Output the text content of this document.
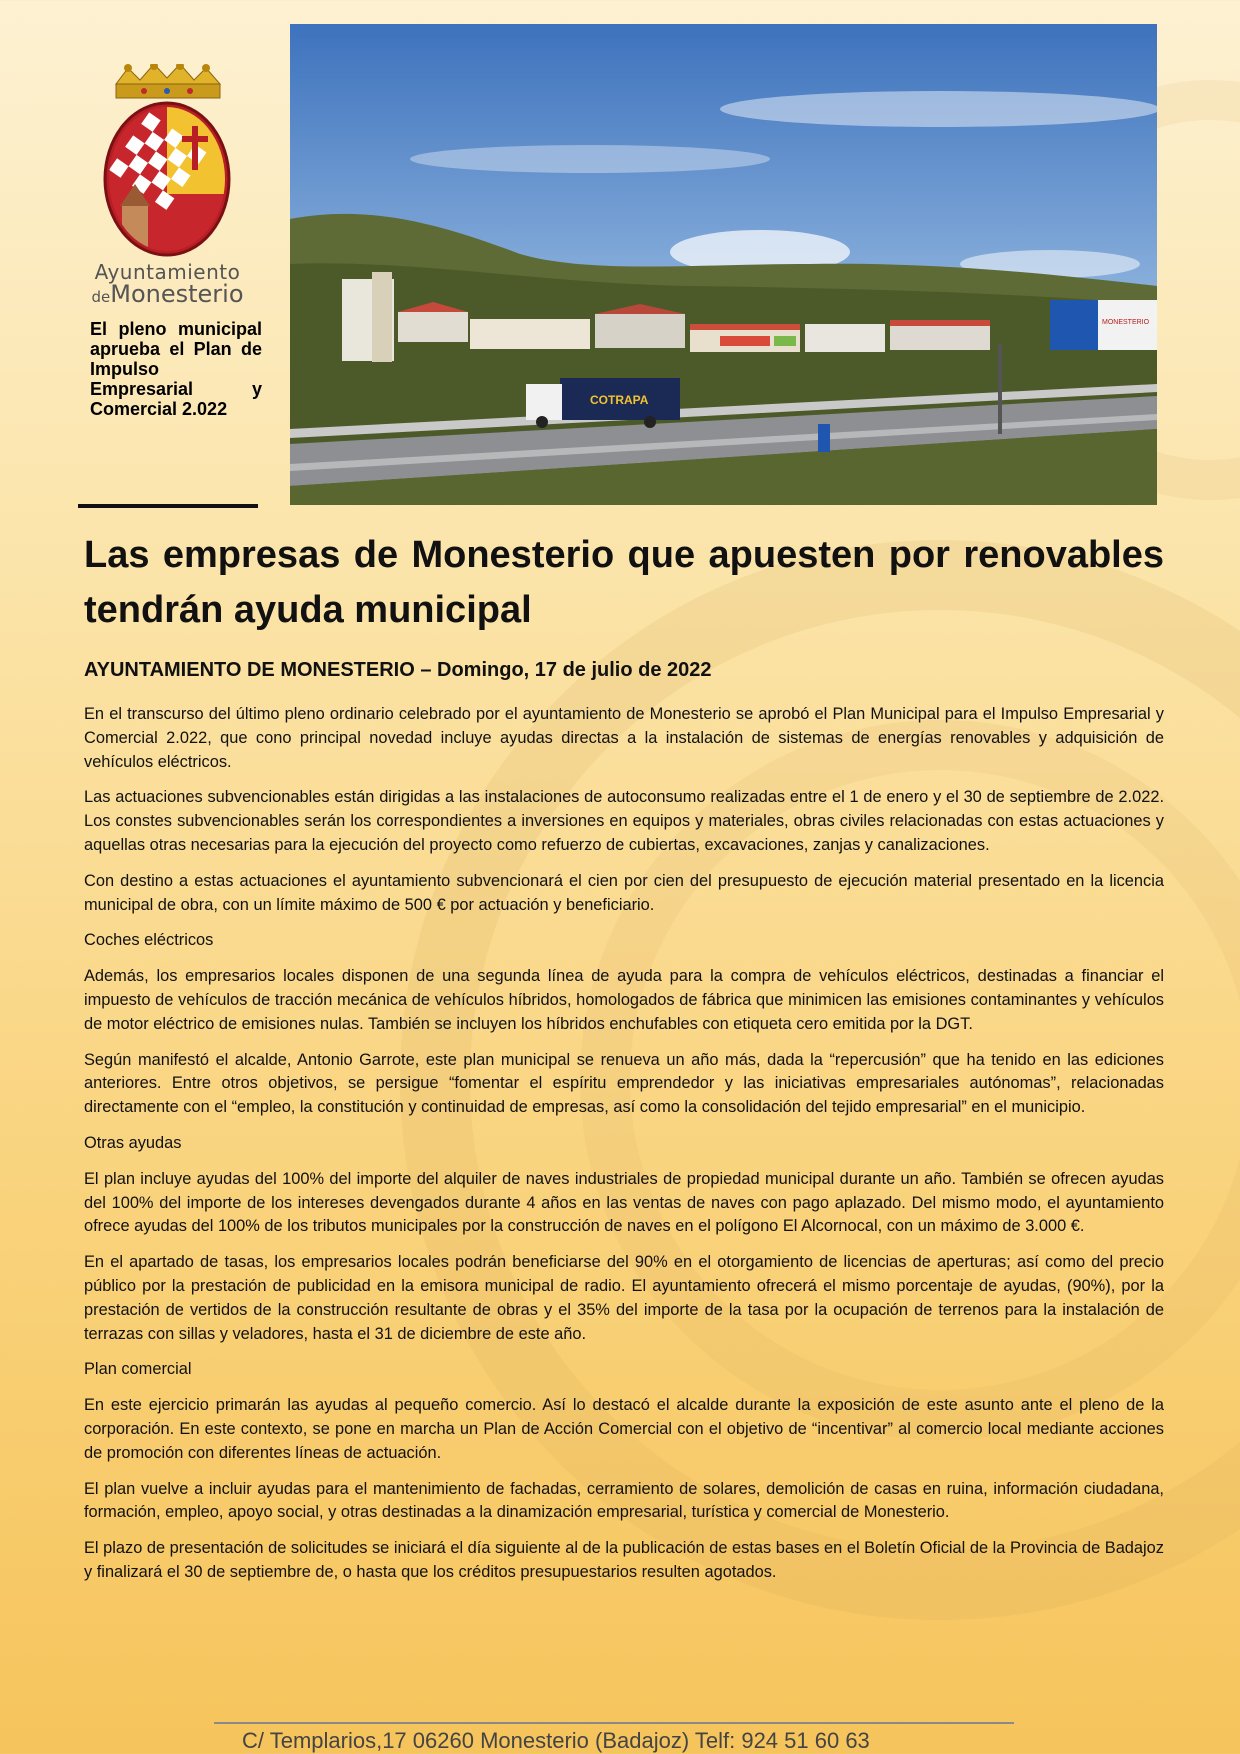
Ayuntamiento
deMonesterio
El pleno municipal aprueba el Plan de Impulso Empresarial y Comercial 2.022
MONESTERIO
COTRAPA
Las empresas de Monesterio que apuesten por renovables tendrán ayuda municipal
AYUNTAMIENTO DE MONESTERIO – Domingo, 17 de julio de 2022

En el transcurso del último pleno ordinario celebrado por el ayuntamiento de Monesterio se aprobó el Plan Municipal para el Impulso Empresarial y Comercial 2.022, que cono principal novedad incluye ayudas directas a la instalación de sistemas de energías renovables y adquisición de vehículos eléctricos.

Las actuaciones subvencionables están dirigidas a las instalaciones de autoconsumo realizadas entre el 1 de enero y el 30 de septiembre de 2.022. Los constes subvencionables serán los correspondientes a inversiones en equipos y materiales, obras civiles relacionadas con estas actuaciones y aquellas otras necesarias para la ejecución del proyecto como refuerzo de cubiertas, excavaciones, zanjas y canalizaciones.

Con destino a estas actuaciones el ayuntamiento subvencionará el cien por cien del presupuesto de ejecución material presentado en la licencia municipal de obra, con un límite máximo de 500 € por actuación y beneficiario.

Coches eléctricos

Además, los empresarios locales disponen de una segunda línea de ayuda para la compra de vehículos eléctricos, destinadas a financiar el impuesto de vehículos de tracción mecánica de vehículos híbridos, homologados de fábrica que minimicen las emisiones contaminantes y vehículos de motor eléctrico de emisiones nulas. También se incluyen los híbridos enchufables con etiqueta cero emitida por la DGT.

Según manifestó el alcalde, Antonio Garrote, este plan municipal se renueva un año más, dada la “repercusión” que ha tenido en las ediciones anteriores. Entre otros objetivos, se persigue “fomentar el espíritu emprendedor y las iniciativas empresariales autónomas”, relacionadas directamente con el “empleo, la constitución y continuidad de empresas, así como la consolidación del tejido empresarial” en el municipio.

Otras ayudas

El plan incluye ayudas del 100% del importe del alquiler de naves industriales de propiedad municipal durante un año. También se ofrecen ayudas del 100% del importe de los intereses devengados durante 4 años en las ventas de naves con pago aplazado. Del mismo modo, el ayuntamiento ofrece ayudas del 100% de los tributos municipales por la construcción de naves en el polígono El Alcornocal, con un máximo de 3.000 €.

En el apartado de tasas, los empresarios locales podrán beneficiarse del 90% en el otorgamiento de licencias de aperturas; así como del precio público por la prestación de publicidad en la emisora municipal de radio. El ayuntamiento ofrecerá el mismo porcentaje de ayudas, (90%), por la prestación de vertidos de la construcción resultante de obras y el 35% del importe de la tasa por la ocupación de terrenos para la instalación de terrazas con sillas y veladores, hasta el 31 de diciembre de este año.

Plan comercial

En este ejercicio primarán las ayudas al pequeño comercio. Así lo destacó el alcalde durante la exposición de este asunto ante el pleno de la corporación. En este contexto, se pone en marcha un Plan de Acción Comercial con el objetivo de “incentivar” al comercio local mediante acciones de promoción con diferentes líneas de actuación.

El plan vuelve a incluir ayudas para el mantenimiento de fachadas, cerramiento de solares, demolición de casas en ruina, información ciudadana, formación, empleo, apoyo social, y otras destinadas a la dinamización empresarial, turística y comercial de Monesterio.

El plazo de presentación de solicitudes se iniciará el día siguiente al de la publicación de estas bases en el Boletín Oficial de la Provincia de Badajoz y finalizará el 30 de septiembre de, o hasta que los créditos presupuestarios resulten agotados.

C/ Templarios,17 06260 Monesterio (Badajoz) Telf: 924 51 60 63
